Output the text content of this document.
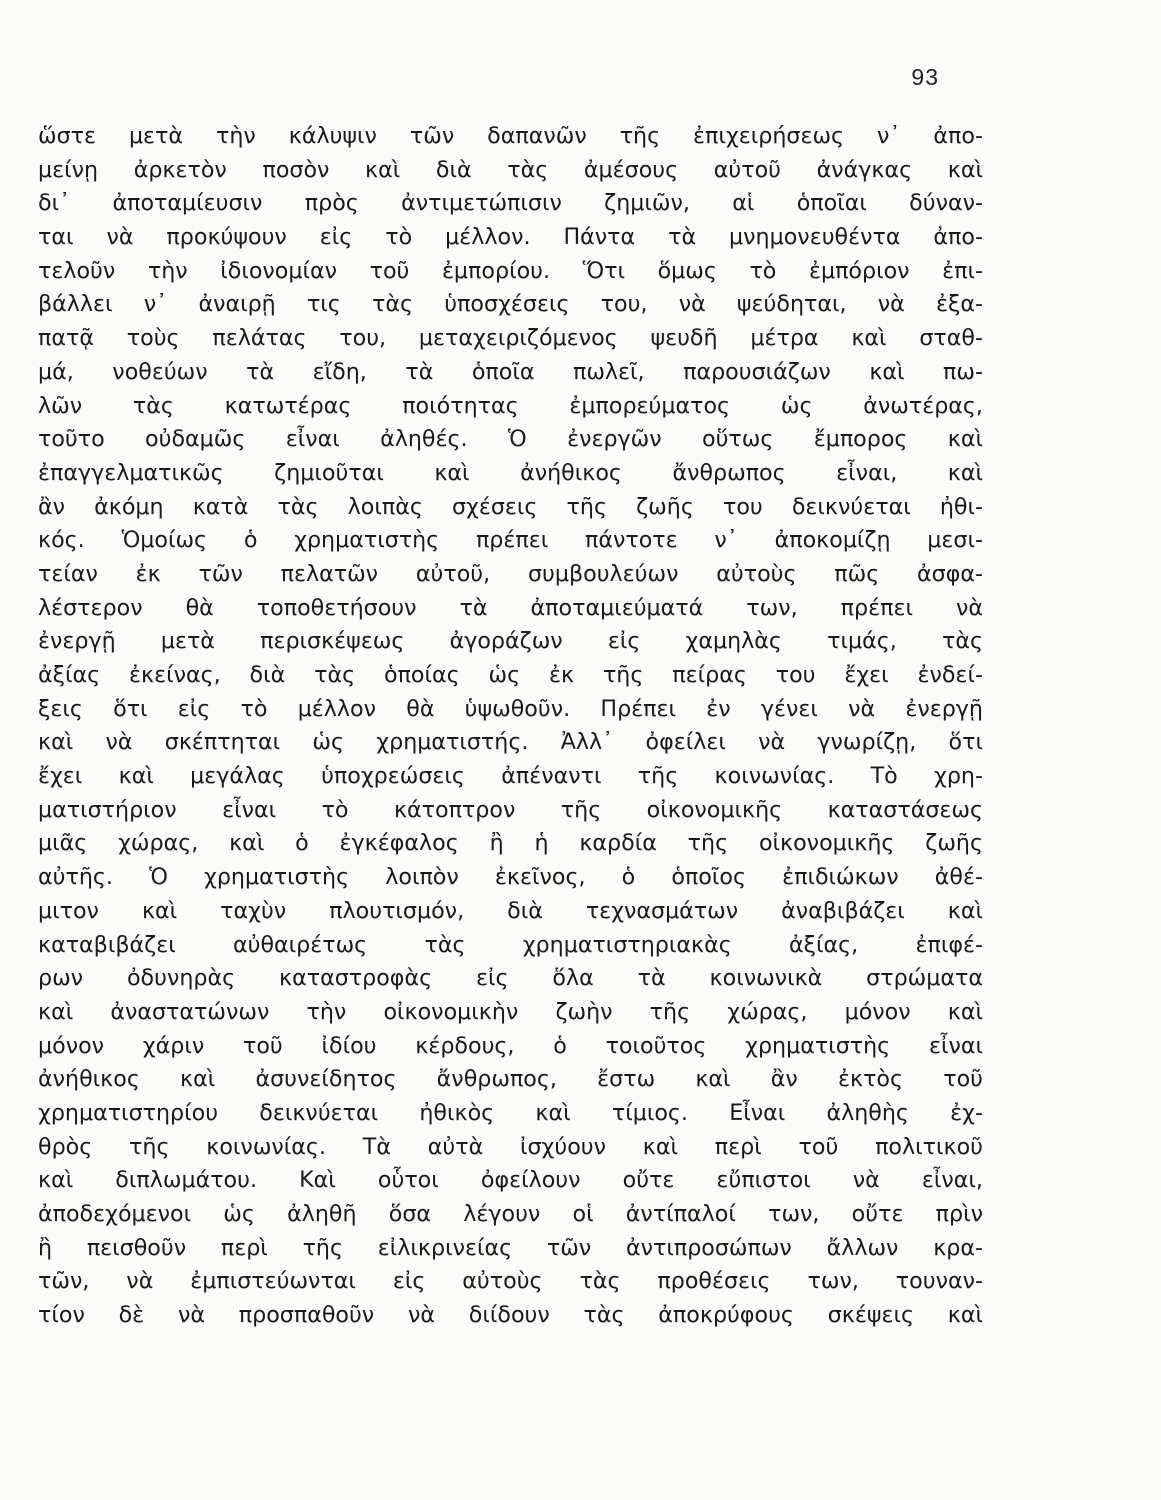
93
ὥστε μετὰ τὴν κάλυψιν τῶν δαπανῶν τῆς ἐπιχειρήσεως ν᾽ ἀπο-
μείνῃ ἀρκετὸν ποσὸν καὶ διὰ τὰς ἀμέσους αὐτοῦ ἀνάγκας καὶ
δι᾽ ἀποταμίευσιν πρὸς ἀντιμετώπισιν ζημιῶν, αἱ ὁποῖαι δύναν-
ται νὰ προκύψουν εἰς τὸ μέλλον. Πάντα τὰ μνημονευθέντα ἀπο-
τελοῦν τὴν ἰδιονομίαν τοῦ ἐμπορίου. Ὅτι ὅμως τὸ ἐμπόριον ἐπι-
βάλλει ν᾽ ἀναιρῇ τις τὰς ὑποσχέσεις του, νὰ ψεύδηται, νὰ ἐξα-
πατᾷ τοὺς πελάτας του, μεταχειριζόμενος ψευδῆ μέτρα καὶ σταθ-
μά, νοθεύων τὰ εἴδη, τὰ ὁποῖα πωλεῖ, παρουσιάζων καὶ πω-
λῶν τὰς κατωτέρας ποιότητας ἐμπορεύματος ὡς ἀνωτέρας,
τοῦτο οὐδαμῶς εἶναι ἀληθές. Ὁ ἐνεργῶν οὕτως ἔμπορος καὶ
ἐπαγγελματικῶς ζημιοῦται καὶ ἀνήθικος ἄνθρωπος εἶναι, καὶ
ἂν ἀκόμη κατὰ τὰς λοιπὰς σχέσεις τῆς ζωῆς του δεικνύεται ἠθι-
κός. Ὁμοίως ὁ χρηματιστὴς πρέπει πάντοτε ν᾽ ἀποκομίζῃ μεσι-
τείαν ἐκ τῶν πελατῶν αὐτοῦ, συμβουλεύων αὐτοὺς πῶς ἀσφα-
λέστερον θὰ τοποθετήσουν τὰ ἀποταμιεύματά των, πρέπει νὰ
ἐνεργῇ μετὰ περισκέψεως ἀγοράζων εἰς χαμηλὰς τιμάς, τὰς
ἀξίας ἐκείνας, διὰ τὰς ὁποίας ὡς ἐκ τῆς πείρας του ἔχει ἐνδεί-
ξεις ὅτι εἰς τὸ μέλλον θὰ ὑψωθοῦν. Πρέπει ἐν γένει νὰ ἐνεργῇ
καὶ νὰ σκέπτηται ὡς χρηματιστής. Ἀλλ᾽ ὀφείλει νὰ γνωρίζῃ, ὅτι
ἔχει καὶ μεγάλας ὑποχρεώσεις ἀπέναντι τῆς κοινωνίας. Τὸ χρη-
ματιστήριον εἶναι τὸ κάτοπτρον τῆς οἰκονομικῆς καταστάσεως
μιᾶς χώρας, καὶ ὁ ἐγκέφαλος ἢ ἡ καρδία τῆς οἰκονομικῆς ζωῆς
αὐτῆς. Ὁ χρηματιστὴς λοιπὸν ἐκεῖνος, ὁ ὁποῖος ἐπιδιώκων ἀθέ-
μιτον καὶ ταχὺν πλουτισμόν, διὰ τεχνασμάτων ἀναβιβάζει καὶ
καταβιβάζει αὐθαιρέτως τὰς χρηματιστηριακὰς ἀξίας, ἐπιφέ-
ρων ὀδυνηρὰς καταστροφὰς εἰς ὅλα τὰ κοινωνικὰ στρώματα
καὶ ἀναστατώνων τὴν οἰκονομικὴν ζωὴν τῆς χώρας, μόνον καὶ
μόνον χάριν τοῦ ἰδίου κέρδους, ὁ τοιοῦτος χρηματιστὴς εἶναι
ἀνήθικος καὶ ἀσυνείδητος ἄνθρωπος, ἔστω καὶ ἂν ἐκτὸς τοῦ
χρηματιστηρίου δεικνύεται ἠθικὸς καὶ τίμιος. Εἶναι ἀληθὴς ἐχ-
θρὸς τῆς κοινωνίας. Τὰ αὐτὰ ἰσχύουν καὶ περὶ τοῦ πολιτικοῦ
καὶ διπλωμάτου. Καὶ οὗτοι ὀφείλουν οὔτε εὔπιστοι νὰ εἶναι,
ἀποδεχόμενοι ὡς ἀληθῆ ὅσα λέγουν οἱ ἀντίπαλοί των, οὔτε πρὶν
ἢ πεισθοῦν περὶ τῆς εἰλικρινείας τῶν ἀντιπροσώπων ἄλλων κρα-
τῶν, νὰ ἐμπιστεύωνται εἰς αὐτοὺς τὰς προθέσεις των, τουναν-
τίον δὲ νὰ προσπαθοῦν νὰ διίδουν τὰς ἀποκρύφους σκέψεις καὶ
